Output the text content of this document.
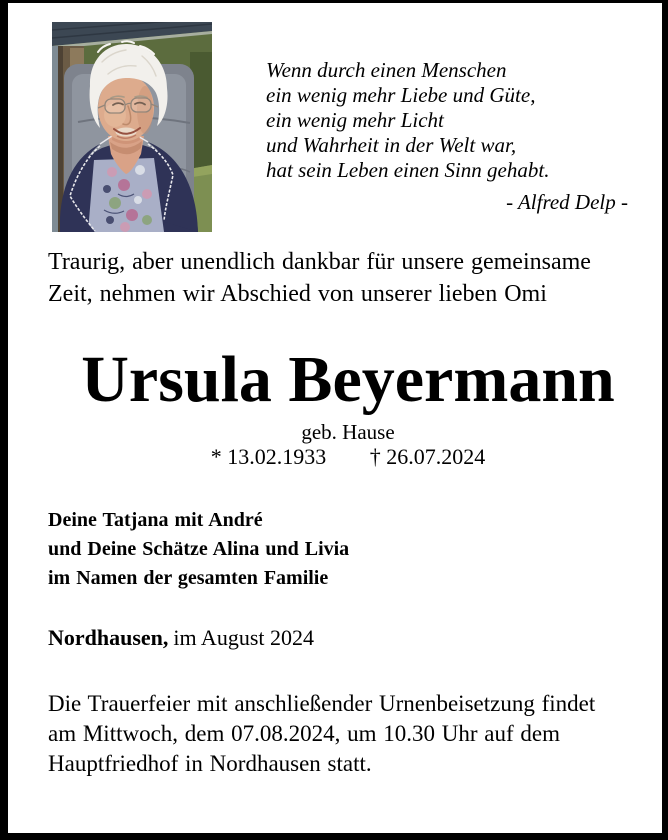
Wenn durch einen Menschen
ein wenig mehr Liebe und Güte,
ein wenig mehr Licht
und Wahrheit in der Welt war,
hat sein Leben einen Sinn gehabt.
- Alfred Delp -
Traurig, aber unendlich dankbar für unsere gemeinsame
Zeit, nehmen wir Abschied von unserer lieben Omi
Ursula Beyermann
geb. Hause
* 13.02.1933 † 26.07.2024
Deine Tatjana mit André
und Deine Schätze Alina und Livia
im Namen der gesamten Familie
Nordhausen, im August 2024
Die Trauerfeier mit anschließender Urnenbeisetzung findet
am Mittwoch, dem 07.08.2024, um 10.30 Uhr auf dem
Hauptfriedhof in Nordhausen statt.
